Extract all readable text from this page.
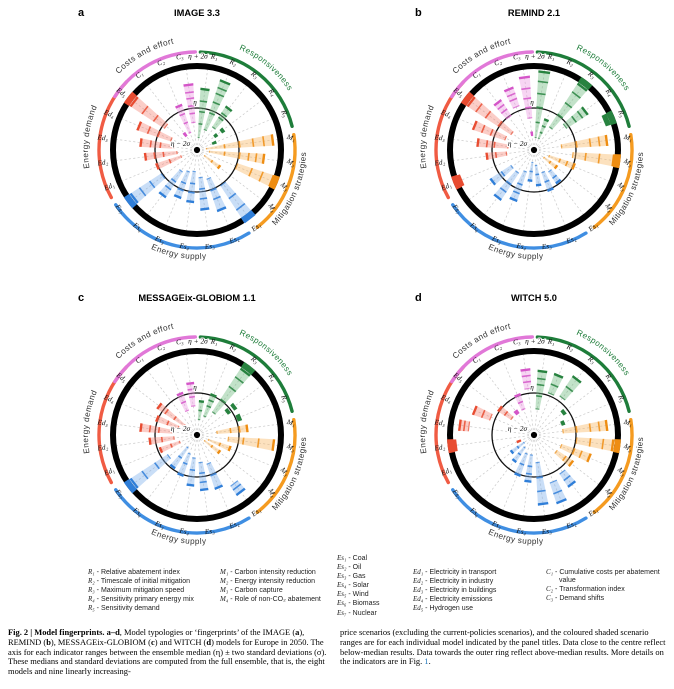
Responsiveness
Mitigation strategies
Energy supply
Energy demand
Costs and effort
R₁
R₂
R₃
R₄
R₅
M₁
M₂
M₃
M₄
Es₁
Es₂
Es₃
Es₄
Es₅
Es₆
Es₇
Ed₁
Ed₂
Ed₃
Ed₄
Ed₅
C₁
C₂
C₃ η + 2σ
η
η − 2σ
a	IMAGE 3.3
Responsiveness
Mitigation strategies
Energy supply
Energy demand
Costs and effort
R₁
R₂
R₃
R₄
R₅
M₁
M₂
M₃
M₄
Es₁
Es₂
Es₃
Es₄
Es₅
Es₆
Es₇
Ed₁
Ed₂
Ed₃
Ed₄
Ed₅
C₁
C₂
C₃ η + 2σ
η
η − 2σ
b	REMIND 2.1
Responsiveness
Mitigation strategies
Energy supply
Energy demand
Costs and effort
R₁
R₂
R₃
R₄
R₅
M₁
M₂
M₃
M₄
Es₁
Es₂
Es₃
Es₄
Es₅
Es₆
Es₇
Ed₁
Ed₂
Ed₃
Ed₄
Ed₅
C₁
C₂
C₃ η + 2σ
η
η − 2σ
c	MESSAGEix-GLOBIOM 1.1
Responsiveness
Mitigation strategies
Energy supply
Energy demand
Costs and effort
R₁
R₂
R₃
R₄
R₅
M₁
M₂
M₃
M₄
Es₁
Es₂
Es₃
Es₄
Es₅
Es₆
Es₇
Ed₁
Ed₂
Ed₃
Ed₄
Ed₅
C₁
C₂
C₃ η + 2σ
η
η − 2σ
d	WITCH 5.0
R₁ - Relative abatement index
R₂ - Timescale of initial mitigation
R₃ - Maximum mitigation speed
R₄ - Sensitivity primary energy mix
R₅ - Sensitivity demand
M₁ - Carbon intensity reduction
M₂ - Energy intensity reduction
M₃ - Carbon capture
M₄ - Role of non-CO₂ abatement
Es₁ - Coal
Es₂ - Oil
Es₃ - Gas
Es₄ - Solar
Es₅ - Wind
Es₆ - Biomass
Es₇ - Nuclear
Ed₁ - Electricity in transport
Ed₂ - Electricity in industry
Ed₃ - Electricity in buildings
Ed₄ - Electricity emissions
Ed₅ - Hydrogen use
C₁ - Cumulative costs per abatement value
C₂ - Transformation index
C₃ - Demand shifts
Fig. 2 | Model fingerprints. a–d, Model typologies or ‘fingerprints’ of the IMAGE (a), REMIND (b), MESSAGEix-GLOBIOM (c) and WITCH (d) models for Europe in 2050. The axis for each indicator ranges between the ensemble median (η) ± two standard deviations (σ). These medians and standard deviations are computed from the full ensemble, that is, the eight models and nine linearly increasing-
price scenarios (excluding the current-policies scenarios), and the coloured shaded scenario ranges are for each individual model indicated by the panel titles. Data close to the centre reflect below-median results. Data towards the outer ring reflect above-median results. More details on the indicators are in Fig. 1.
